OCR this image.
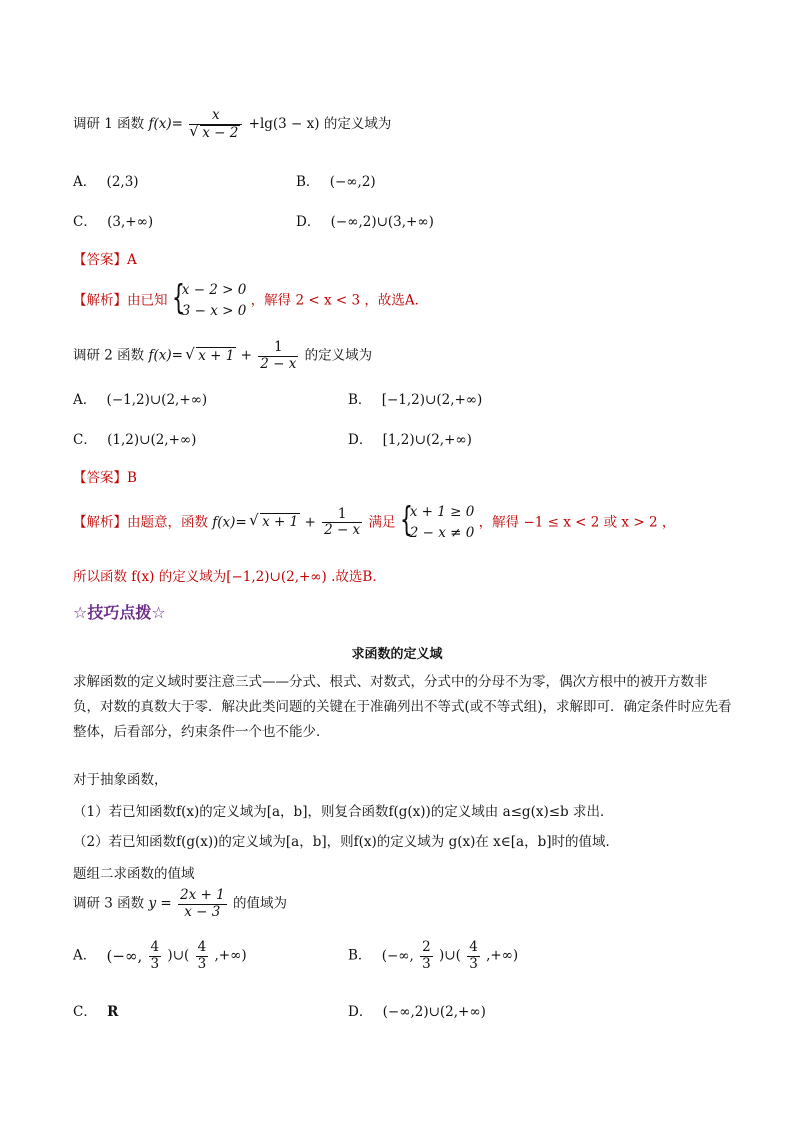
调研 1 函数 f(x)= x
√ x − 2 +lg(3 − x) 的定义域为
A． (2,3)	B． (−∞,2)
C． (3,+∞)	D． (−∞,2)∪(3,+∞)
【答案】A
【解析】由已知 {
x − 2 > 0
3 − x > 0
，解得 2 < x < 3 ，故选A．
调研 2 函数 f(x)= √ $x + 1 + \frac{1}{2 - x}$ 的定义域为
A． (−1,2)∪(2,+∞)	B． [−1,2)∪(2,+∞)
C． (1,2)∪(2,+∞)	D． [1,2)∪(2,+∞)
【答案】B
【解析】由题意，函数 f(x)= √ $x + 1 + \frac{1}{2 - x}$ 满足 {
x + 1 ≥ 0
2 − x ≠ 0
，解得 −1 ≤ x < 2 或 x > 2 ，
所以函数 f(x) 的定义域为[−1,2)∪(2,+∞) .故选B．
☆技巧点拨☆
求函数的定义域
求解函数的定义域时要注意三式——分式、根式、对数式，分式中的分母不为零，偶次方根中的被开方数非负，对数的真数大于零．解决此类问题的关键在于准确列出不等式(或不等式组)，求解即可．确定条件时应先看整体，后看部分，约束条件一个也不能少．
对于抽象函数，
（1）若已知函数f(x)的定义域为[a，b]，则复合函数f(g(x))的定义域由 a≤g(x)≤b 求出．
（2）若已知函数f(g(x))的定义域为[a，b]，则f(x)的定义域为 g(x)在 x∈[a，b]时的值域．
题组二求函数的值域
调研 3 函数 $y = \frac{2x + 1}{x - 3}$ 的值域为
A． (−∞, $\frac{4}{3}$ )∪( $\frac{4}{3}$ ,+∞)	B． (−∞, $\frac{2}{3}$ )∪( $\frac{4}{3}$ ,+∞)
C． R	D． (−∞,2)∪(2,+∞)
